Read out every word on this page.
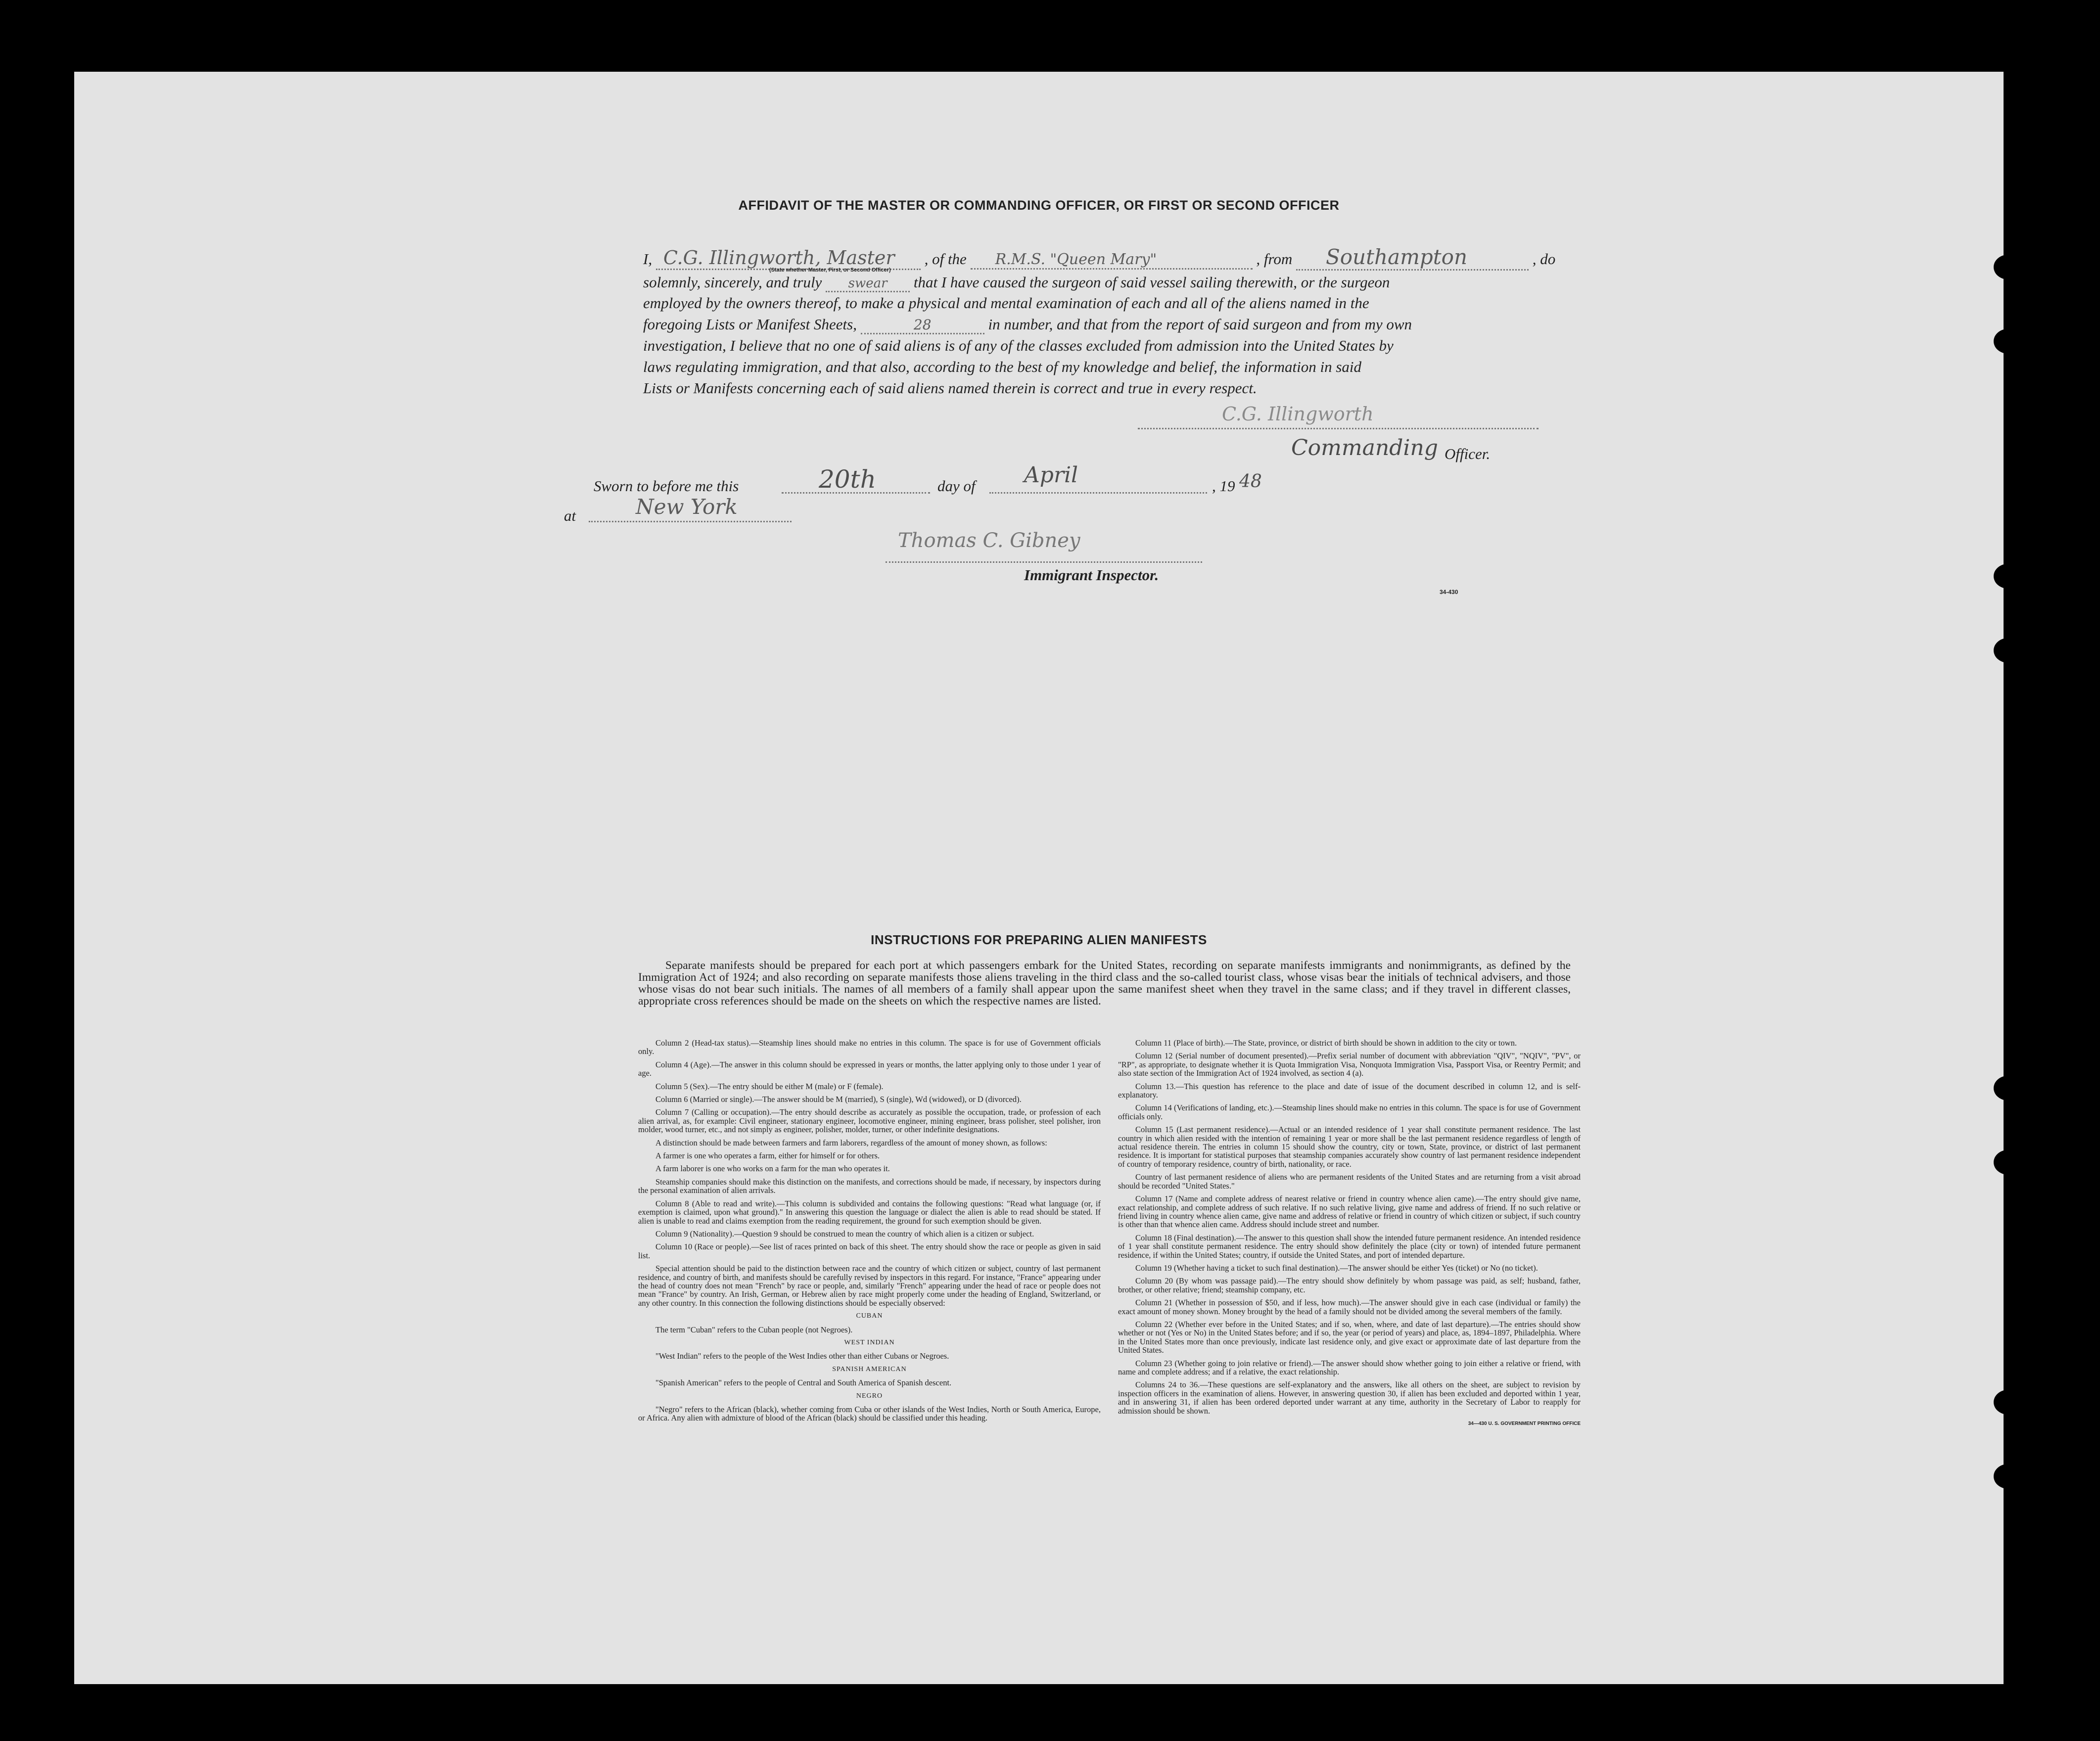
AFFIDAVIT OF THE MASTER OR COMMANDING OFFICER, OR FIRST OR SECOND OFFICER
I, C.G. Illingworth, Master , of the R.M.S. "Queen Mary"	, from Southampton	, do
(State whether Master, First, or Second Officer)
solemnly, sincerely, and truly swear that I have caused the surgeon of said vessel sailing therewith, or the surgeon
employed by the owners thereof, to make a physical and mental examination of each and all of the aliens named in the
foregoing Lists or Manifest Sheets,	28	in number, and that from the report of said surgeon and from my own
investigation, I believe that no one of said aliens is of any of the classes excluded from admission into the United States by
laws regulating immigration, and that also, according to the best of my knowledge and belief, the information in said
Lists or Manifests concerning each of said aliens named therein is correct and true in every respect.
C.G. Illingworth
Commanding Officer.
Sworn to before me this	20th	day of April	, 19 48
at	New York
Thomas C. Gibney
Immigrant Inspector.
34-430
INSTRUCTIONS FOR PREPARING ALIEN MANIFESTS

Separate manifests should be prepared for each port at which passengers embark for the United States, recording on separate manifests immigrants and nonimmigrants, as defined by the Immigration Act of 1924; and also recording on separate manifests those aliens traveling in the third class and the so-called tourist class, whose visas bear the initials of technical advisers, and those whose visas do not bear such initials. The names of all members of a family shall appear upon the same manifest sheet when they travel in the same class; and if they travel in different classes, appropriate cross references should be made on the sheets on which the respective names are listed.

Column 2 (Head-tax status).—Steamship lines should make no entries in this column. The space is for use of Government officials only.

Column 4 (Age).—The answer in this column should be expressed in years or months, the latter applying only to those under 1 year of age.

Column 5 (Sex).—The entry should be either M (male) or F (female).

Column 6 (Married or single).—The answer should be M (married), S (single), Wd (widowed), or D (divorced).

Column 7 (Calling or occupation).—The entry should describe as accurately as possible the occupation, trade, or profession of each alien arrival, as, for example: Civil engineer, stationary engineer, locomotive engineer, mining engineer, brass polisher, steel polisher, iron molder, wood turner, etc., and not simply as engineer, polisher, molder, turner, or other indefinite designations.

A distinction should be made between farmers and farm laborers, regardless of the amount of money shown, as follows:

A farmer is one who operates a farm, either for himself or for others.

A farm laborer is one who works on a farm for the man who operates it.

Steamship companies should make this distinction on the manifests, and corrections should be made, if necessary, by inspectors during the personal examination of alien arrivals.

Column 8 (Able to read and write).—This column is subdivided and contains the following questions: "Read what language (or, if exemption is claimed, upon what ground)." In answering this question the language or dialect the alien is able to read should be stated. If alien is unable to read and claims exemption from the reading requirement, the ground for such exemption should be given.

Column 9 (Nationality).—Question 9 should be construed to mean the country of which alien is a citizen or subject.

Column 10 (Race or people).—See list of races printed on back of this sheet. The entry should show the race or people as given in said list.

Special attention should be paid to the distinction between race and the country of which citizen or subject, country of last permanent residence, and country of birth, and manifests should be carefully revised by inspectors in this regard. For instance, "France" appearing under the head of country does not mean "French" by race or people, and, similarly "French" appearing under the head of race or people does not mean "France" by country. An Irish, German, or Hebrew alien by race might properly come under the heading of England, Switzerland, or any other country. In this connection the following distinctions should be especially observed:

CUBAN

The term "Cuban" refers to the Cuban people (not Negroes).

WEST INDIAN

"West Indian" refers to the people of the West Indies other than either Cubans or Negroes.

SPANISH AMERICAN

"Spanish American" refers to the people of Central and South America of Spanish descent.

NEGRO

"Negro" refers to the African (black), whether coming from Cuba or other islands of the West Indies, North or South America, Europe, or Africa. Any alien with admixture of blood of the African (black) should be classified under this heading.

Column 11 (Place of birth).—The State, province, or district of birth should be shown in addition to the city or town.

Column 12 (Serial number of document presented).—Prefix serial number of document with abbreviation "QIV", "NQIV", "PV", or "RP", as appropriate, to designate whether it is Quota Immigration Visa, Nonquota Immigration Visa, Passport Visa, or Reentry Permit; and also state section of the Immigration Act of 1924 involved, as section 4 (a).

Column 13.—This question has reference to the place and date of issue of the document described in column 12, and is self-explanatory.

Column 14 (Verifications of landing, etc.).—Steamship lines should make no entries in this column. The space is for use of Government officials only.

Column 15 (Last permanent residence).—Actual or an intended residence of 1 year shall constitute permanent residence. The last country in which alien resided with the intention of remaining 1 year or more shall be the last permanent residence regardless of length of actual residence therein. The entries in column 15 should show the country, city or town, State, province, or district of last permanent residence. It is important for statistical purposes that steamship companies accurately show country of last permanent residence independent of country of temporary residence, country of birth, nationality, or race.

Country of last permanent residence of aliens who are permanent residents of the United States and are returning from a visit abroad should be recorded "United States."

Column 17 (Name and complete address of nearest relative or friend in country whence alien came).—The entry should give name, exact relationship, and complete address of such relative. If no such relative living, give name and address of friend. If no such relative or friend living in country whence alien came, give name and address of relative or friend in country of which citizen or subject, if such country is other than that whence alien came. Address should include street and number.

Column 18 (Final destination).—The answer to this question shall show the intended future permanent residence. An intended residence of 1 year shall constitute permanent residence. The entry should show definitely the place (city or town) of intended future permanent residence, if within the United States; country, if outside the United States, and port of intended departure.

Column 19 (Whether having a ticket to such final destination).—The answer should be either Yes (ticket) or No (no ticket).

Column 20 (By whom was passage paid).—The entry should show definitely by whom passage was paid, as self; husband, father, brother, or other relative; friend; steamship company, etc.

Column 21 (Whether in possession of $50, and if less, how much).—The answer should give in each case (individual or family) the exact amount of money shown. Money brought by the head of a family should not be divided among the several members of the family.

Column 22 (Whether ever before in the United States; and if so, when, where, and date of last departure).—The entries should show whether or not (Yes or No) in the United States before; and if so, the year (or period of years) and place, as, 1894–1897, Philadelphia. Where in the United States more than once previously, indicate last residence only, and give exact or approximate date of last departure from the United States.

Column 23 (Whether going to join relative or friend).—The answer should show whether going to join either a relative or friend, with name and complete address; and if a relative, the exact relationship.

Columns 24 to 36.—These questions are self-explanatory and the answers, like all others on the sheet, are subject to revision by inspection officers in the examination of aliens. However, in answering question 30, if alien has been excluded and deported within 1 year, and in answering 31, if alien has been ordered deported under warrant at any time, authority in the Secretary of Labor to reapply for admission should be shown.

34—430 U. S. GOVERNMENT PRINTING OFFICE
